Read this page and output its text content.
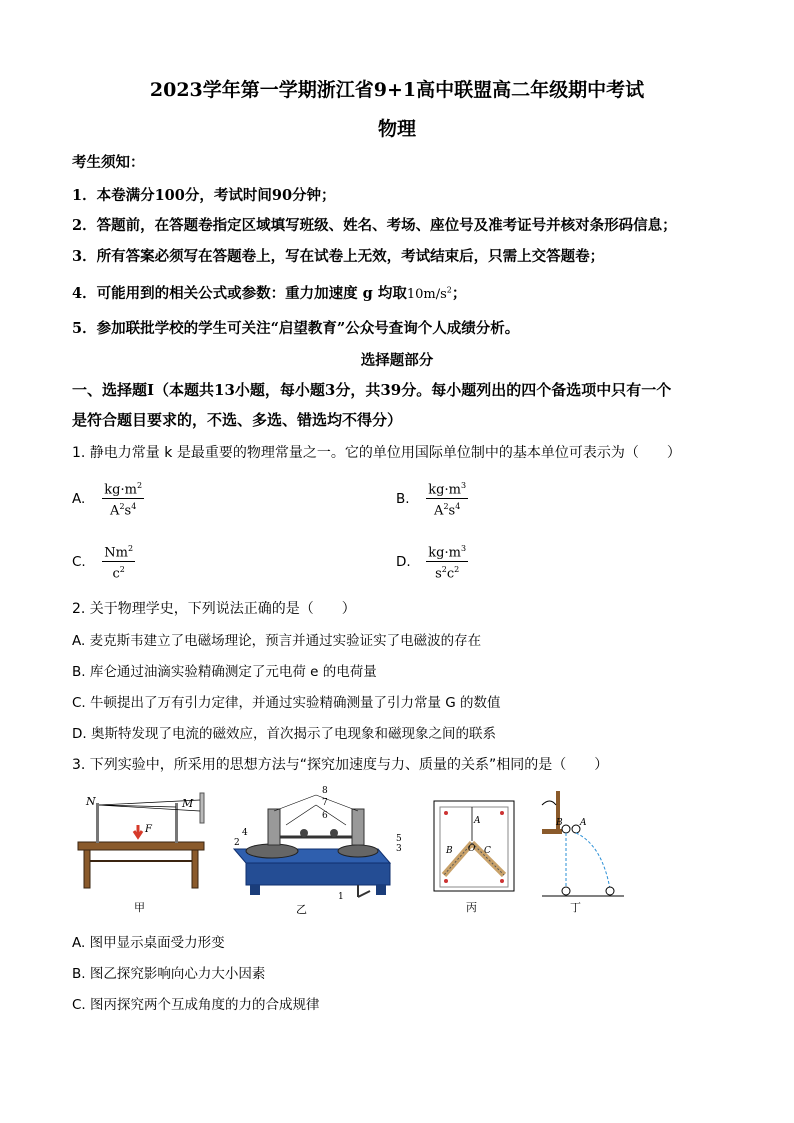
2023学年第一学期浙江省9+1高中联盟高二年级期中考试
物理
考生须知：
1．本卷满分100分，考试时间90分钟；
2．答题前，在答题卷指定区域填写班级、姓名、考场、座位号及准考证号并核对条形码信息；
3．所有答案必须写在答题卷上，写在试卷上无效，考试结束后，只需上交答题卷；
4．可能用到的相关公式或参数：重力加速度 g 均取$10m/s^2$；
5．参加联批学校的学生可关注“启望教育”公众号查询个人成绩分析。
选择题部分
一、选择题Ⅰ（本题共13小题，每小题3分，共39分。每小题列出的四个备选项中只有一个
是符合题目要求的，不选、多选、错选均不得分）
1. 静电力常量 k 是最重要的物理常量之一。它的单位用国际单位制中的基本单位可表示为（　　）
A. $\frac{kg\cdot m^2}{A^2s^4}$	B. $\frac{kg\cdot m^3}{A^2s^4}$
C. $\frac{Nm^2}{c^2}$	D. $\frac{kg\cdot m^3}{s^2c^2}$
2. 关于物理学史，下列说法正确的是（　　）
A. 麦克斯韦建立了电磁场理论，预言并通过实验证实了电磁波的存在
B. 库仑通过油滴实验精确测定了元电荷 e 的电荷量
C. 牛顿提出了万有引力定律，并通过实验精确测量了引力常量 G 的数值
D. 奥斯特发现了电流的磁效应，首次揭示了电现象和磁现象之间的联系
3. 下列实验中，所采用的思想方法与“探究加速度与力、质量的关系”相同的是（　　）
N	M
F
甲
8
7
6
4
2	5
3
1
乙
A
B O C
丙
B A
丁
A. 图甲显示桌面受力形变
B. 图乙探究影响向心力大小因素
C. 图丙探究两个互成角度的力的合成规律
